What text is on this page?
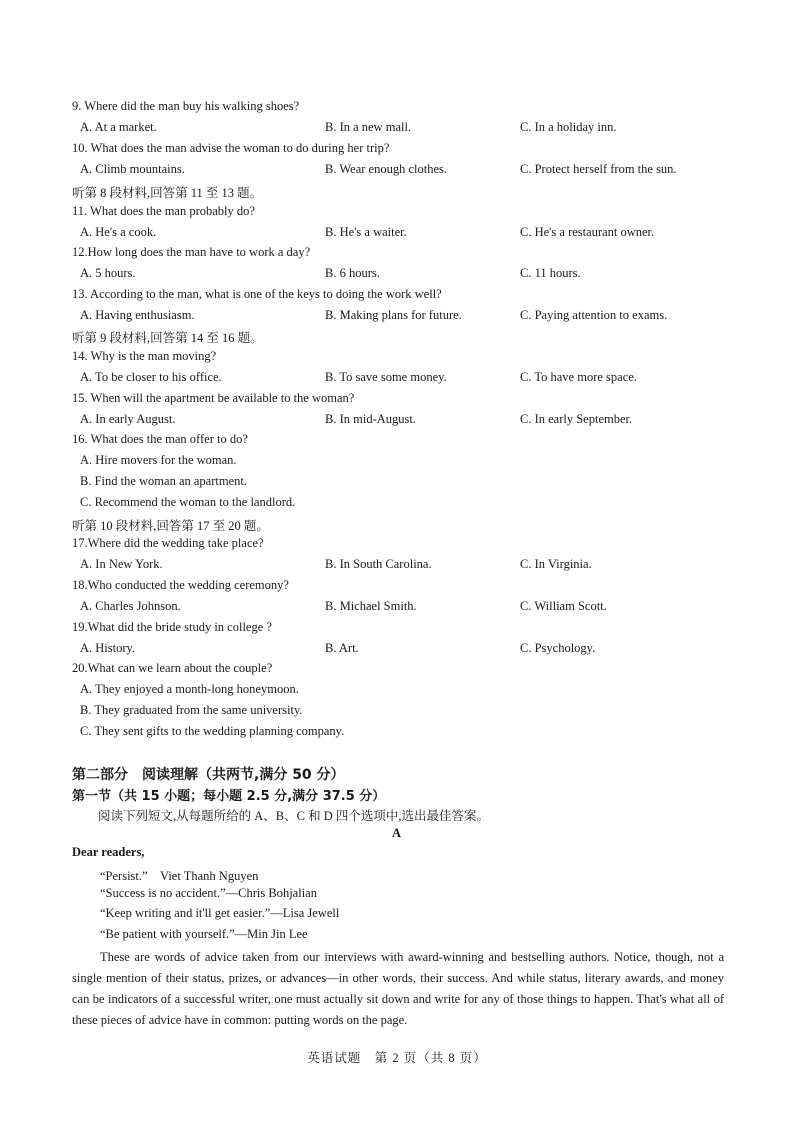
9. Where did the man buy his walking shoes?
A. At a market.	B. In a new mall.	C. In a holiday inn.
10. What does the man advise the woman to do during her trip?
A. Climb mountains.	B. Wear enough clothes.	C. Protect herself from the sun.
听第 8 段材料,回答第 11 至 13 题。
11. What does the man probably do?
A. He's a cook.	B. He's a waiter.	C. He's a restaurant owner.
12.How long does the man have to work a day?
A. 5 hours.	B. 6 hours.	C. 11 hours.
13. According to the man, what is one of the keys to doing the work well?
A. Having enthusiasm.	B. Making plans for future.	C. Paying attention to exams.
听第 9 段材料,回答第 14 至 16 题。
14. Why is the man moving?
A. To be closer to his office.	B. To save some money.	C. To have more space.
15. When will the apartment be available to the woman?
A. In early August.	B. In mid-August.	C. In early September.
16. What does the man offer to do?
A. Hire movers for the woman.
B. Find the woman an apartment.
C. Recommend the woman to the landlord.
听第 10 段材料,回答第 17 至 20 题。
17.Where did the wedding take place?
A. In New York.	B. In South Carolina.	C. In Virginia.
18.Who conducted the wedding ceremony?
A. Charles Johnson.	B. Michael Smith.	C. William Scott.
19.What did the bride study in college ?
A. History.	B. Art.	C. Psychology.
20.What can we learn about the couple?
A. They enjoyed a month-long honeymoon.
B. They graduated from the same university.
C. They sent gifts to the wedding planning company.
第二部分　阅读理解（共两节,满分 50 分）
第一节（共 15 小题；每小题 2.5 分,满分 37.5 分）
阅读下列短文,从每题所给的 A、B、C 和 D 四个选项中,选出最佳答案。
A
Dear readers,
“Persist.”　Viet Thanh Nguyen
“Success is no accident.”—Chris Bohjalian
“Keep writing and it'll get easier.”—Lisa Jewell
“Be patient with yourself.”—Min Jin Lee
These are words of advice taken from our interviews with award-winning and bestselling authors. Notice, though, not a single mention of their status, prizes, or advances—in other words, their success. And while status, literary awards, and money can be indicators of a successful writer, one must actually sit down and write for any of those things to happen. That's what all of these pieces of advice have in common: putting words on the page.
英语试题　第 2 页（共 8 页）
